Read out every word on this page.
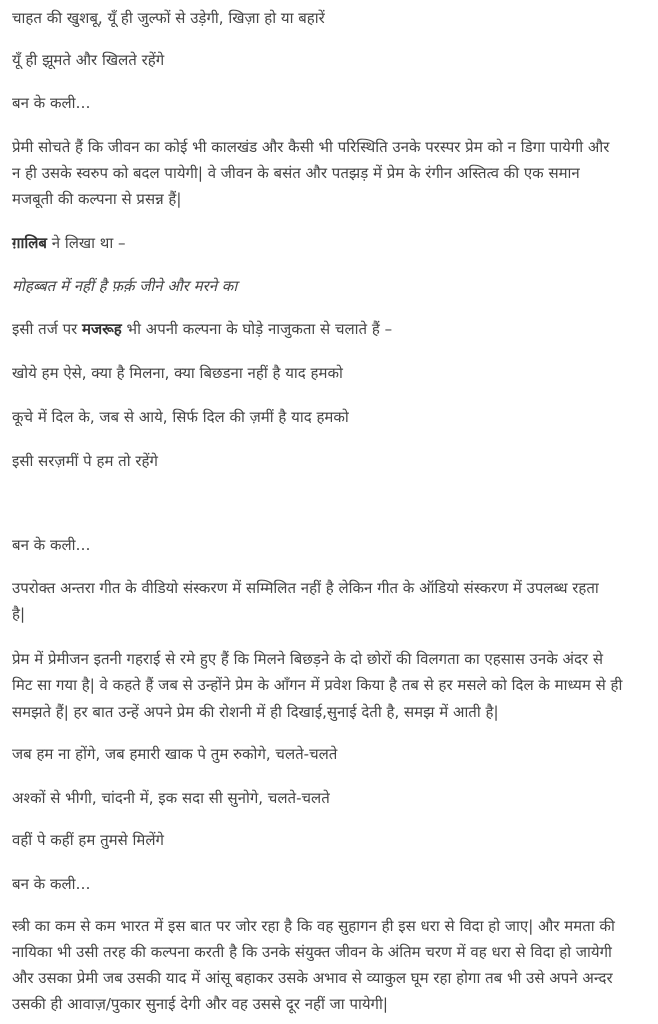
चाहत की खुशबू, यूँ ही जुल्फों से उड़ेगी, खिज़ा हो या बहारें

यूँ ही झूमते और खिलते रहेंगे

बन के कली…

प्रेमी सोचते हैं कि जीवन का कोई भी कालखंड और कैसी भी परिस्थिति उनके परस्पर प्रेम को न डिगा पायेगी और

न ही उसके स्वरुप को बदल पायेगी| वे जीवन के बसंत और पतझड़ में प्रेम के रंगीन अस्तित्व की एक समान

मजबूती की कल्पना से प्रसन्न हैं|

ग़ालिब ने लिखा था –

मोहब्बत में नहीं है फ़र्क़ जीने और मरने का

इसी तर्ज पर मजरूह भी अपनी कल्पना के घोड़े नाजुकता से चलाते हैं –

खोये हम ऐसे, क्या है मिलना, क्या बिछडना नहीं है याद हमको

कूचे में दिल के, जब से आये, सिर्फ दिल की ज़मीं है याद हमको

इसी सरज़मीं पे हम तो रहेंगे

बन के कली…

उपरोक्त अन्तरा गीत के वीडियो संस्करण में सम्मिलित नहीं है लेकिन गीत के ऑडियो संस्करण में उपलब्ध रहता

है|

प्रेम में प्रेमीजन इतनी गहराई से रमे हुए हैं कि मिलने बिछड़ने के दो छोरों की विलगता का एहसास उनके अंदर से

मिट सा गया है| वे कहते हैं जब से उन्होंने प्रेम के आँगन में प्रवेश किया है तब से हर मसले को दिल के माध्यम से ही

समझते हैं| हर बात उन्हें अपने प्रेम की रोशनी में ही दिखाई,सुनाई देती है, समझ में आती है|

जब हम ना होंगे, जब हमारी खाक पे तुम रुकोगे, चलते-चलते

अश्कों से भीगी, चांदनी में, इक सदा सी सुनोगे, चलते-चलते

वहीं पे कहीं हम तुमसे मिलेंगे

बन के कली…

स्त्री का कम से कम भारत में इस बात पर जोर रहा है कि वह सुहागन ही इस धरा से विदा हो जाए| और ममता की

नायिका भी उसी तरह की कल्पना करती है कि उनके संयुक्त जीवन के अंतिम चरण में वह धरा से विदा हो जायेगी

और उसका प्रेमी जब उसकी याद में आंसू बहाकर उसके अभाव से व्याकुल घूम रहा होगा तब भी उसे अपने अन्दर

उसकी ही आवाज़/पुकार सुनाई देगी और वह उससे दूर नहीं जा पायेगी|
